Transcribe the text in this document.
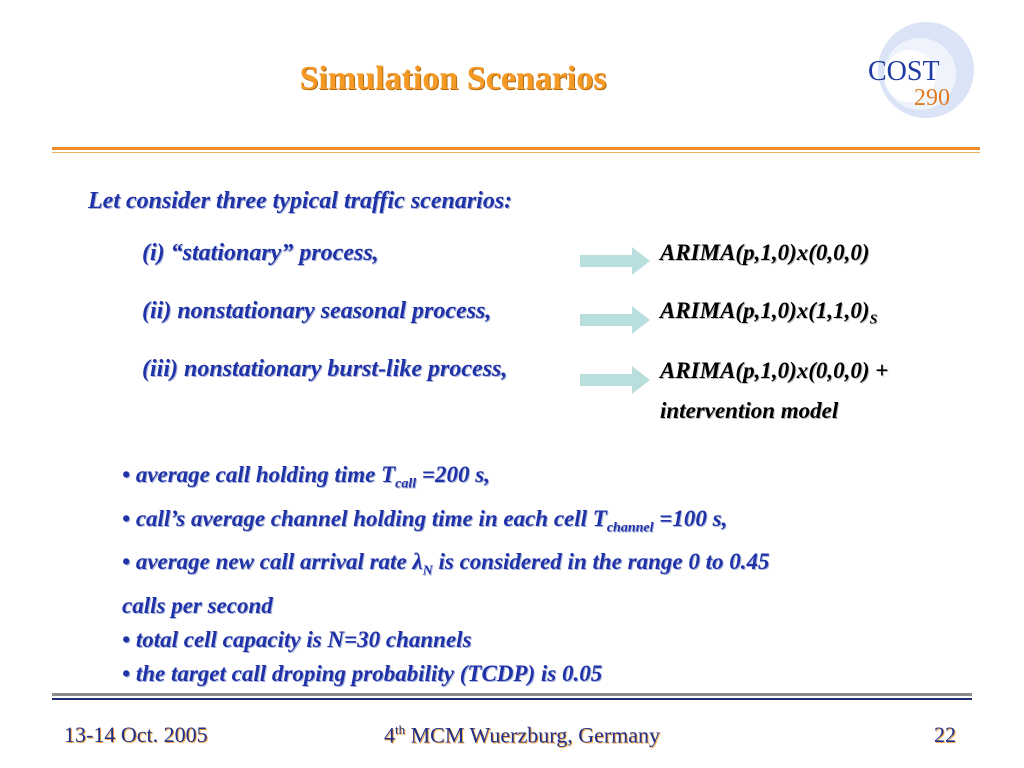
Simulation Scenarios	COST
290
Let consider three typical traffic scenarios:
(i) “stationary” process,	ARIMA(p,1,0)x(0,0,0)
(ii) nonstationary seasonal process,	$ARIMA(p,1,0)x(1,1,0)_S$
(iii) nonstationary burst-like process,	ARIMA(p,1,0)x(0,0,0) +
intervention model
• average call holding time $T_{call} =200$ s,
• call’s average channel holding time in each cell $T_{channel} =100$ s,
• average new call arrival rate $\lambda_N$ is considered in the range 0 to 0.45
calls per second
• total cell capacity is N=30 channels
• the target call droping probability (TCDP) is 0.05
13-14 Oct. 2005	4th MCM Wuerzburg, Germany	22
